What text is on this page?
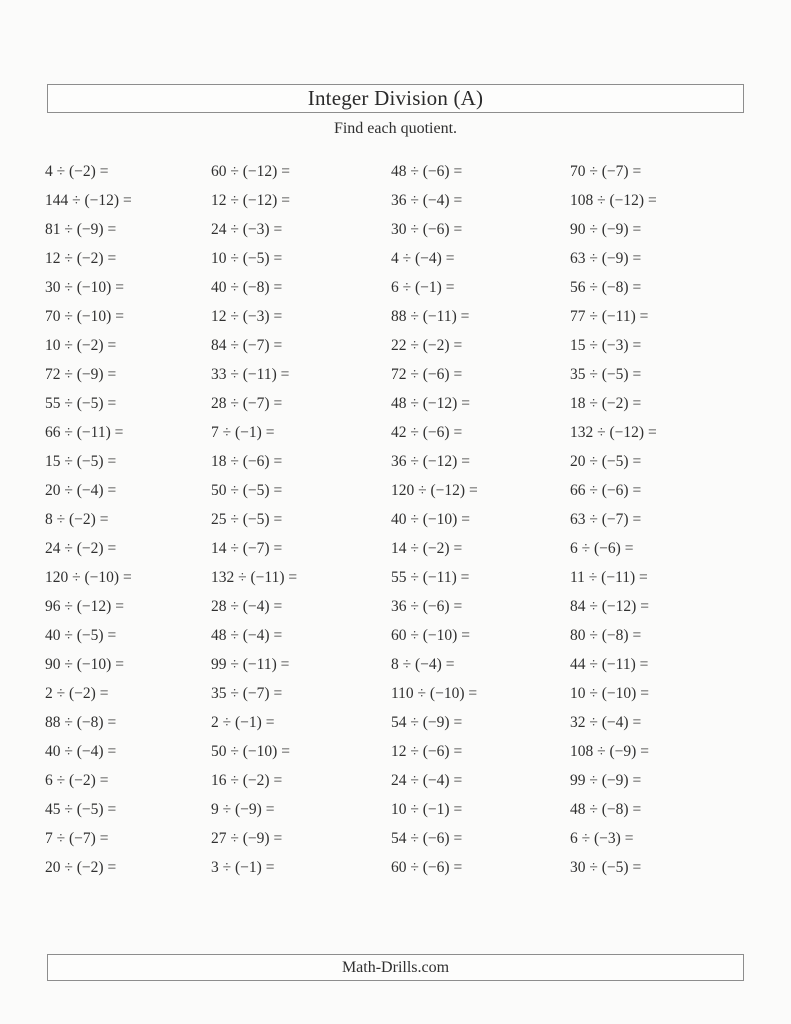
Integer Division (A)
Find each quotient.
4 ÷ (−2) =	60 ÷ (−12) =	48 ÷ (−6) =	70 ÷ (−7) =
144 ÷ (−12) =	12 ÷ (−12) =	36 ÷ (−4) =	108 ÷ (−12) =
81 ÷ (−9) =	24 ÷ (−3) =	30 ÷ (−6) =	90 ÷ (−9) =
12 ÷ (−2) =	10 ÷ (−5) =	4 ÷ (−4) =	63 ÷ (−9) =
30 ÷ (−10) =	40 ÷ (−8) =	6 ÷ (−1) =	56 ÷ (−8) =
70 ÷ (−10) =	12 ÷ (−3) =	88 ÷ (−11) =	77 ÷ (−11) =
10 ÷ (−2) =	84 ÷ (−7) =	22 ÷ (−2) =	15 ÷ (−3) =
72 ÷ (−9) =	33 ÷ (−11) =	72 ÷ (−6) =	35 ÷ (−5) =
55 ÷ (−5) =	28 ÷ (−7) =	48 ÷ (−12) =	18 ÷ (−2) =
66 ÷ (−11) =	7 ÷ (−1) =	42 ÷ (−6) =	132 ÷ (−12) =
15 ÷ (−5) =	18 ÷ (−6) =	36 ÷ (−12) =	20 ÷ (−5) =
20 ÷ (−4) =	50 ÷ (−5) =	120 ÷ (−12) =	66 ÷ (−6) =
8 ÷ (−2) =	25 ÷ (−5) =	40 ÷ (−10) =	63 ÷ (−7) =
24 ÷ (−2) =	14 ÷ (−7) =	14 ÷ (−2) =	6 ÷ (−6) =
120 ÷ (−10) =	132 ÷ (−11) =	55 ÷ (−11) =	11 ÷ (−11) =
96 ÷ (−12) =	28 ÷ (−4) =	36 ÷ (−6) =	84 ÷ (−12) =
40 ÷ (−5) =	48 ÷ (−4) =	60 ÷ (−10) =	80 ÷ (−8) =
90 ÷ (−10) =	99 ÷ (−11) =	8 ÷ (−4) =	44 ÷ (−11) =
2 ÷ (−2) =	35 ÷ (−7) =	110 ÷ (−10) =	10 ÷ (−10) =
88 ÷ (−8) =	2 ÷ (−1) =	54 ÷ (−9) =	32 ÷ (−4) =
40 ÷ (−4) =	50 ÷ (−10) =	12 ÷ (−6) =	108 ÷ (−9) =
6 ÷ (−2) =	16 ÷ (−2) =	24 ÷ (−4) =	99 ÷ (−9) =
45 ÷ (−5) =	9 ÷ (−9) =	10 ÷ (−1) =	48 ÷ (−8) =
7 ÷ (−7) =	27 ÷ (−9) =	54 ÷ (−6) =	6 ÷ (−3) =
20 ÷ (−2) =	3 ÷ (−1) =	60 ÷ (−6) =	30 ÷ (−5) =
Math-Drills.com
